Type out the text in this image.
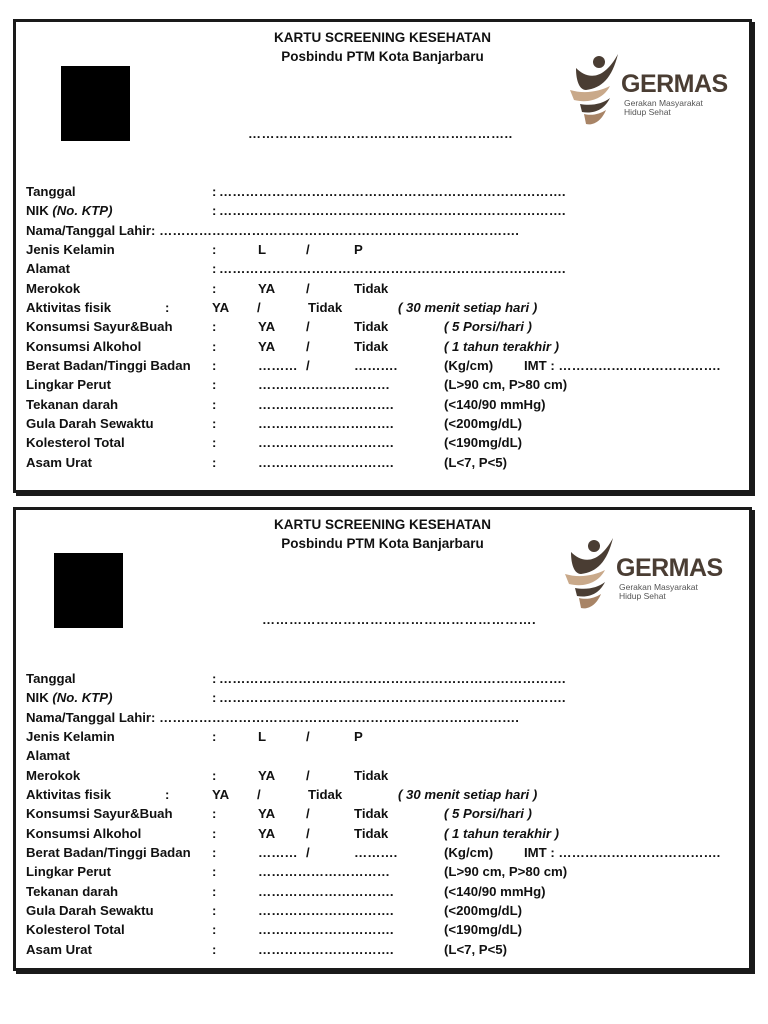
KARTU SCREENING KESEHATAN
Posbindu PTM Kota Banjarbaru
…………………………………………………..
GERMAS
Gerakan Masyarakat
Hidup Sehat
Tanggal	: …………………………………………………………………….
NIK (No. KTP)	: …………………………………………………………………….
Nama/Tanggal Lahir: ……………………………………………………………………….
Jenis Kelamin	:	L	/	P
Alamat	: …………………………………………………………………….
Merokok	:	YA /	Tidak
Aktivitas fisik	:	YA /	Tidak	( 30 menit setiap hari )
Konsumsi Sayur&Buah	:	YA /	Tidak	( 5 Porsi/hari )
Konsumsi Alkohol	:	YA /	Tidak	( 1 tahun terakhir )
Berat Badan/Tinggi Badan :	……… /	……….	(Kg/cm) IMT : ……………………………….
Lingkar Perut	:	…………………………	(L>90 cm, P>80 cm)
Tekanan darah	:	………………………….	(<140/90 mmHg)
Gula Darah Sewaktu	:	………………………….	(<200mg/dL)
Kolesterol Total	:	………………………….	(<190mg/dL)
Asam Urat	:	………………………….	(L<7, P<5)
KARTU SCREENING KESEHATAN
Posbindu PTM Kota Banjarbaru
…………………………………………………….
GERMAS
Gerakan Masyarakat
Hidup Sehat
Tanggal	: …………………………………………………………………….
NIK (No. KTP)	: …………………………………………………………………….
Nama/Tanggal Lahir: ……………………………………………………………………….
Jenis Kelamin	:	L	/	P
Alamat
Merokok	:	YA /	Tidak
Aktivitas fisik	:	YA /	Tidak	( 30 menit setiap hari )
Konsumsi Sayur&Buah	:	YA /	Tidak	( 5 Porsi/hari )
Konsumsi Alkohol	:	YA /	Tidak	( 1 tahun terakhir )
Berat Badan/Tinggi Badan :	……… /	……….	(Kg/cm) IMT : ……………………………….
Lingkar Perut	:	…………………………	(L>90 cm, P>80 cm)
Tekanan darah	:	………………………….	(<140/90 mmHg)
Gula Darah Sewaktu	:	………………………….	(<200mg/dL)
Kolesterol Total	:	………………………….	(<190mg/dL)
Asam Urat	:	………………………….	(L<7, P<5)
